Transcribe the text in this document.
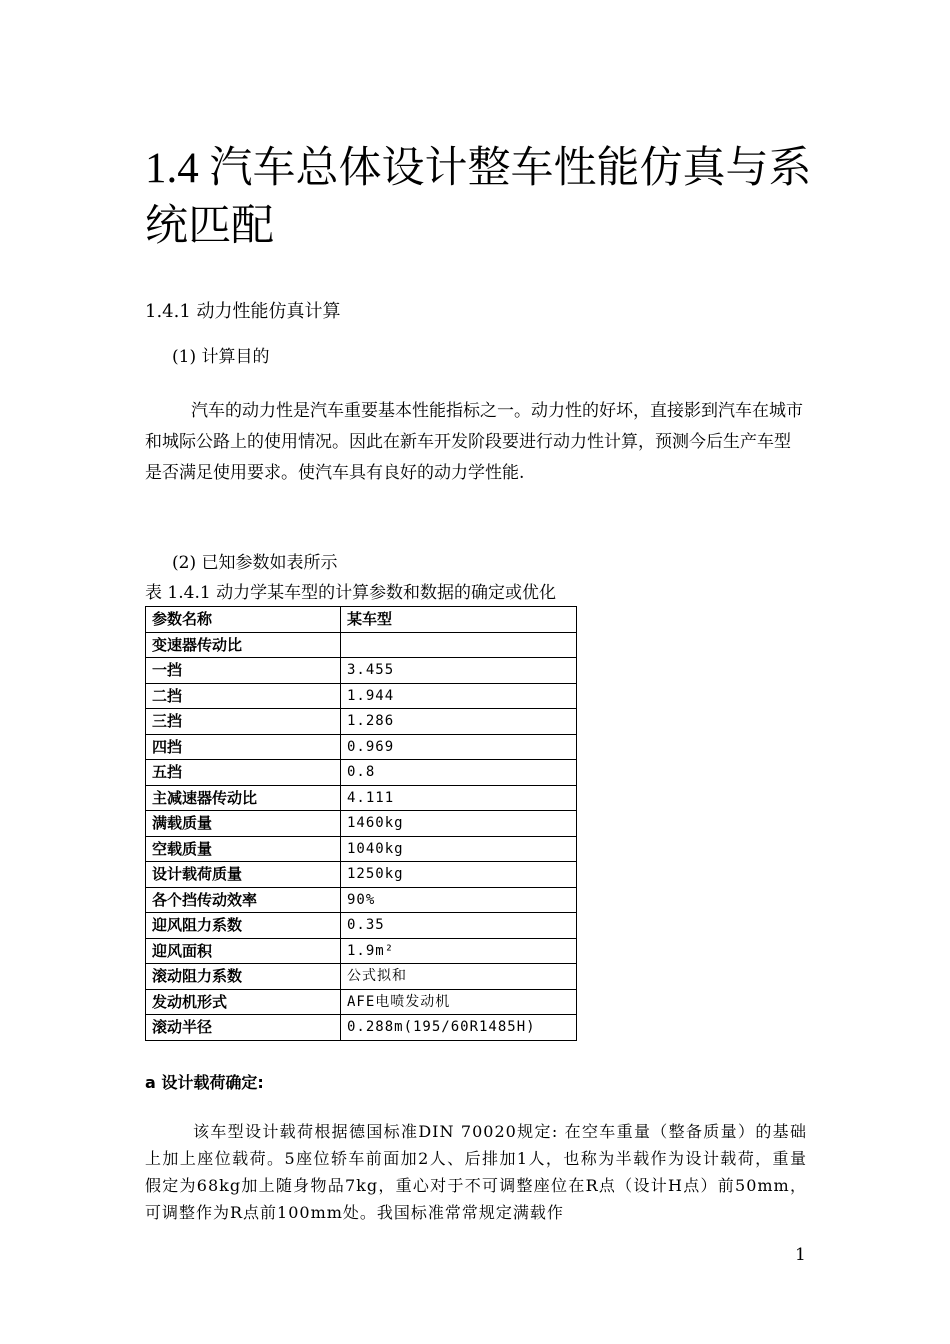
1.4 汽车总体设计整车性能仿真与系统匹配
1.4.1 动力性能仿真计算
(1) 计算目的

汽车的动力性是汽车重要基本性能指标之一。动力性的好坏，直接影到汽车在城市和城际公路上的使用情况。因此在新车开发阶段要进行动力性计算，预测今后生产车型是否满足使用要求。使汽车具有良好的动力学性能.

(2) 已知参数如表所示
表 1.4.1 动力学某车型的计算参数和数据的确定或优化
参数名称	某车型
变速器传动比	
一挡	3.455
二挡	1.944
三挡	1.286
四挡	0.969
五挡	0.8
主减速器传动比	4.111
满载质量	1460kg
空载质量	1040kg
设计载荷质量	1250kg
各个挡传动效率	90%
迎风阻力系数	0.35
迎风面积	1.9m²
滚动阻力系数	公式拟和
发动机形式	AFE电喷发动机
滚动半径	0.288m(195/60R1485H)
a 设计载荷确定:

该车型设计载荷根据德国标准DIN 70020规定: 在空车重量（整备质量）的基础上加上座位载荷。5座位轿车前面加2人、后排加1人，也称为半载作为设计载荷，重量假定为68kg加上随身物品7kg，重心对于不可调整座位在R点（设计H点）前50mm，可调整作为R点前100mm处。我国标准常常规定满载作

1
